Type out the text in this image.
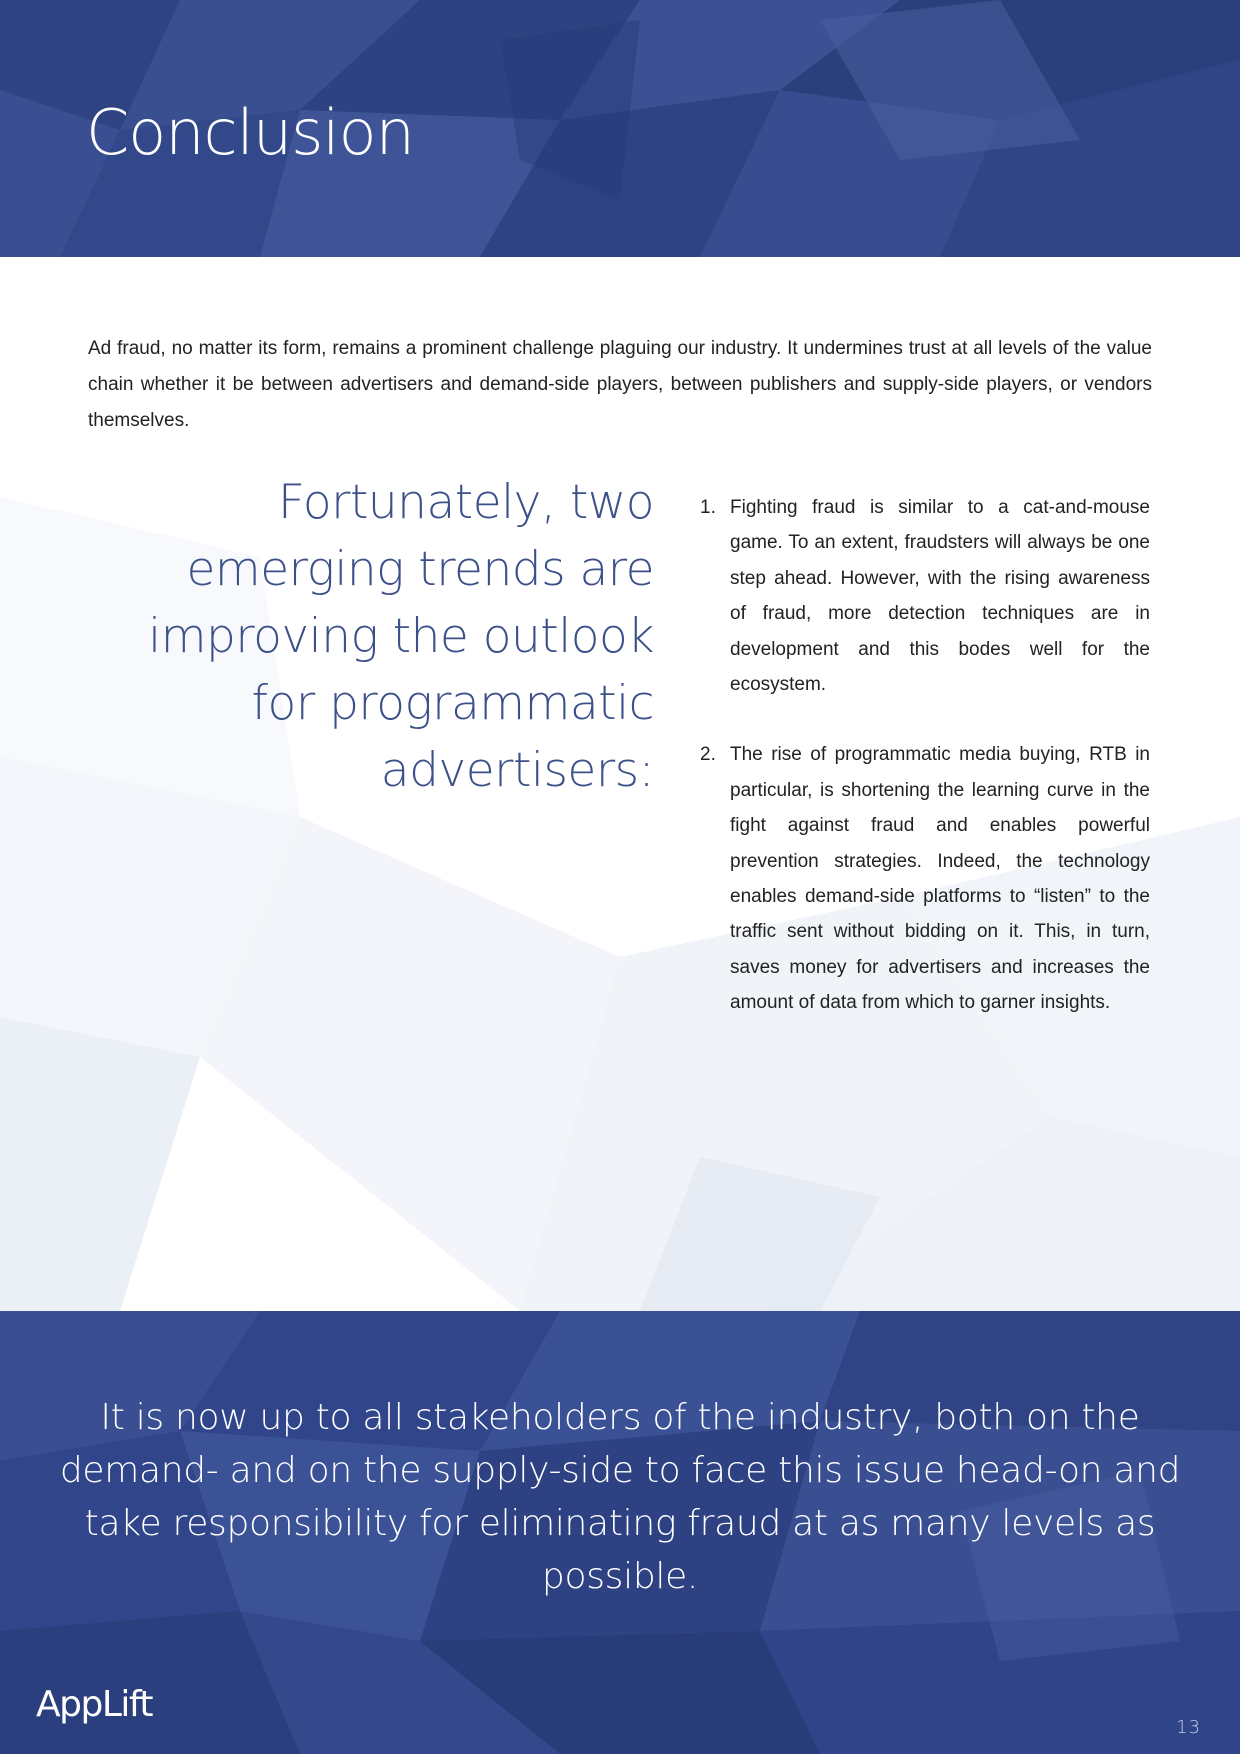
Conclusion

Ad fraud, no matter its form, remains a prominent challenge plaguing our industry. It undermines trust at all levels of the value chain whether it be between advertisers and demand-side players, between publishers and supply-side players, or vendors themselves.

Fortunately, two emerging trends are improving the outlook for programmatic advertisers:

1. Fighting fraud is similar to a cat-and-mouse game. To an extent, fraudsters will always be one step ahead. However, with the rising awareness of fraud, more detection techniques are in development and this bodes well for the ecosystem.
2. The rise of programmatic media buying, RTB in particular, is shortening the learning curve in the fight against fraud and enables powerful prevention strategies. Indeed, the technology enables demand-side platforms to “listen” to the traffic sent without bidding on it. This, in turn, saves money for advertisers and increases the amount of data from which to garner insights.

It is now up to all stakeholders of the industry, both on the demand- and on the supply-side to face this issue head-on and take responsibility for eliminating fraud at as many levels as possible.

AppLift
13
